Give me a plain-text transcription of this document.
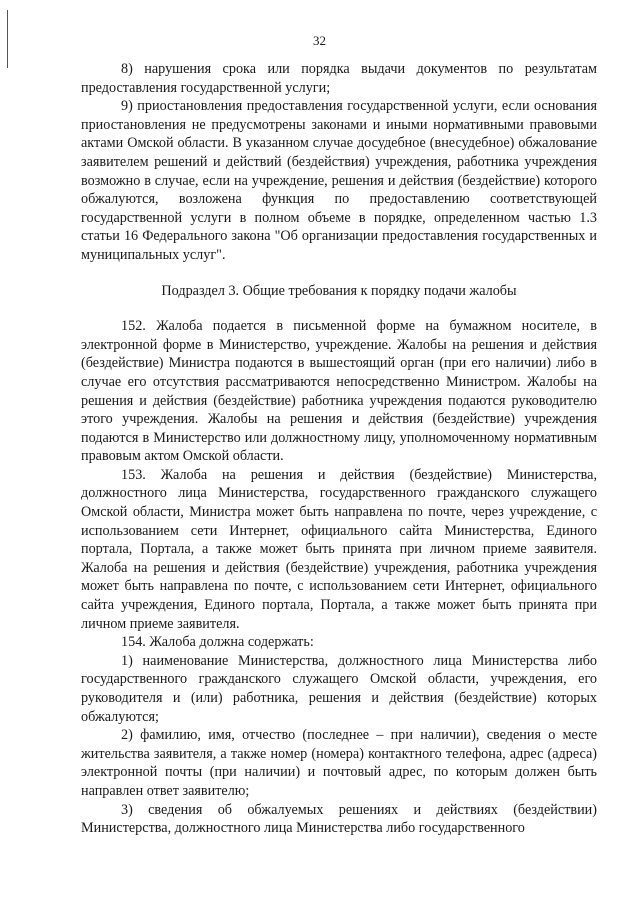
32

8) нарушения срока или порядка выдачи документов по результатам предоставления государственной услуги;

9) приостановления предоставления государственной услуги, если основания приостановления не предусмотрены законами и иными нормативными правовыми актами Омской области. В указанном случае досудебное (внесудебное) обжалование заявителем решений и действий (бездействия) учреждения, работника учреждения возможно в случае, если на учреждение, решения и действия (бездействие) которого обжалуются, возложена функция по предоставлению соответствующей государственной услуги в полном объеме в порядке, определенном частью 1.3 статьи 16 Федерального закона "Об организации предоставления государственных и муниципальных услуг".

Подраздел 3. Общие требования к порядку подачи жалобы

152. Жалоба подается в письменной форме на бумажном носителе, в электронной форме в Министерство, учреждение. Жалобы на решения и действия (бездействие) Министра подаются в вышестоящий орган (при его наличии) либо в случае его отсутствия рассматриваются непосредственно Министром. Жалобы на решения и действия (бездействие) работника учреждения подаются руководителю этого учреждения. Жалобы на решения и действия (бездействие) учреждения подаются в Министерство или должностному лицу, уполномоченному нормативным правовым актом Омской области.

153. Жалоба на решения и действия (бездействие) Министерства, должностного лица Министерства, государственного гражданского служащего Омской области, Министра может быть направлена по почте, через учреждение, с использованием сети Интернет, официального сайта Министерства, Единого портала, Портала, а также может быть принята при личном приеме заявителя. Жалоба на решения и действия (бездействие) учреждения, работника учреждения может быть направлена по почте, с использованием сети Интернет, официального сайта учреждения, Единого портала, Портала, а также может быть принята при личном приеме заявителя.

154. Жалоба должна содержать:

1) наименование Министерства, должностного лица Министерства либо государственного гражданского служащего Омской области, учреждения, его руководителя и (или) работника, решения и действия (бездействие) которых обжалуются;

2) фамилию, имя, отчество (последнее – при наличии), сведения о месте жительства заявителя, а также номер (номера) контактного телефона, адрес (адреса) электронной почты (при наличии) и почтовый адрес, по которым должен быть направлен ответ заявителю;

3) сведения об обжалуемых решениях и действиях (бездействии) Министерства, должностного лица Министерства либо государственного
